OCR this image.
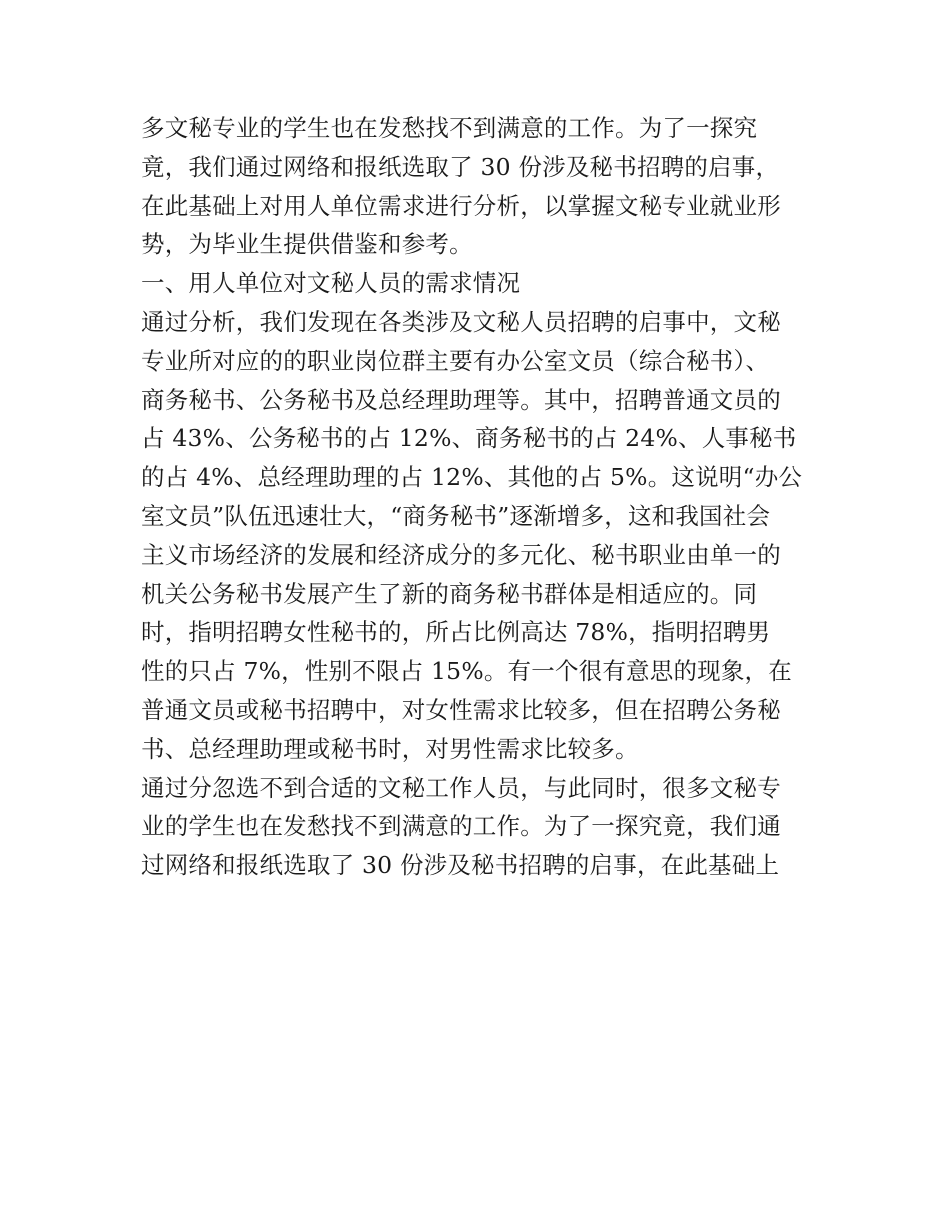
多文秘专业的学生也在发愁找不到满意的工作。为了一探究
竟，我们通过网络和报纸选取了 30 份涉及秘书招聘的启事，
在此基础上对用人单位需求进行分析，以掌握文秘专业就业形
势，为毕业生提供借鉴和参考。
一、用人单位对文秘人员的需求情况
通过分析，我们发现在各类涉及文秘人员招聘的启事中，文秘
专业所对应的的职业岗位群主要有办公室文员（综合秘书）、
商务秘书、公务秘书及总经理助理等。其中，招聘普通文员的
占 43%、公务秘书的占 12%、商务秘书的占 24%、人事秘书
的占 4%、总经理助理的占 12%、其他的占 5%。这说明“办公
室文员”队伍迅速壮大，“商务秘书”逐渐增多，这和我国社会
主义市场经济的发展和经济成分的多元化、秘书职业由单一的
机关公务秘书发展产生了新的商务秘书群体是相适应的。同
时，指明招聘女性秘书的，所占比例高达 78%，指明招聘男
性的只占 7%，性别不限占 15%。有一个很有意思的现象，在
普通文员或秘书招聘中，对女性需求比较多，但在招聘公务秘
书、总经理助理或秘书时，对男性需求比较多。
通过分忽选不到合适的文秘工作人员，与此同时，很多文秘专
业的学生也在发愁找不到满意的工作。为了一探究竟，我们通
过网络和报纸选取了 30 份涉及秘书招聘的启事，在此基础上
